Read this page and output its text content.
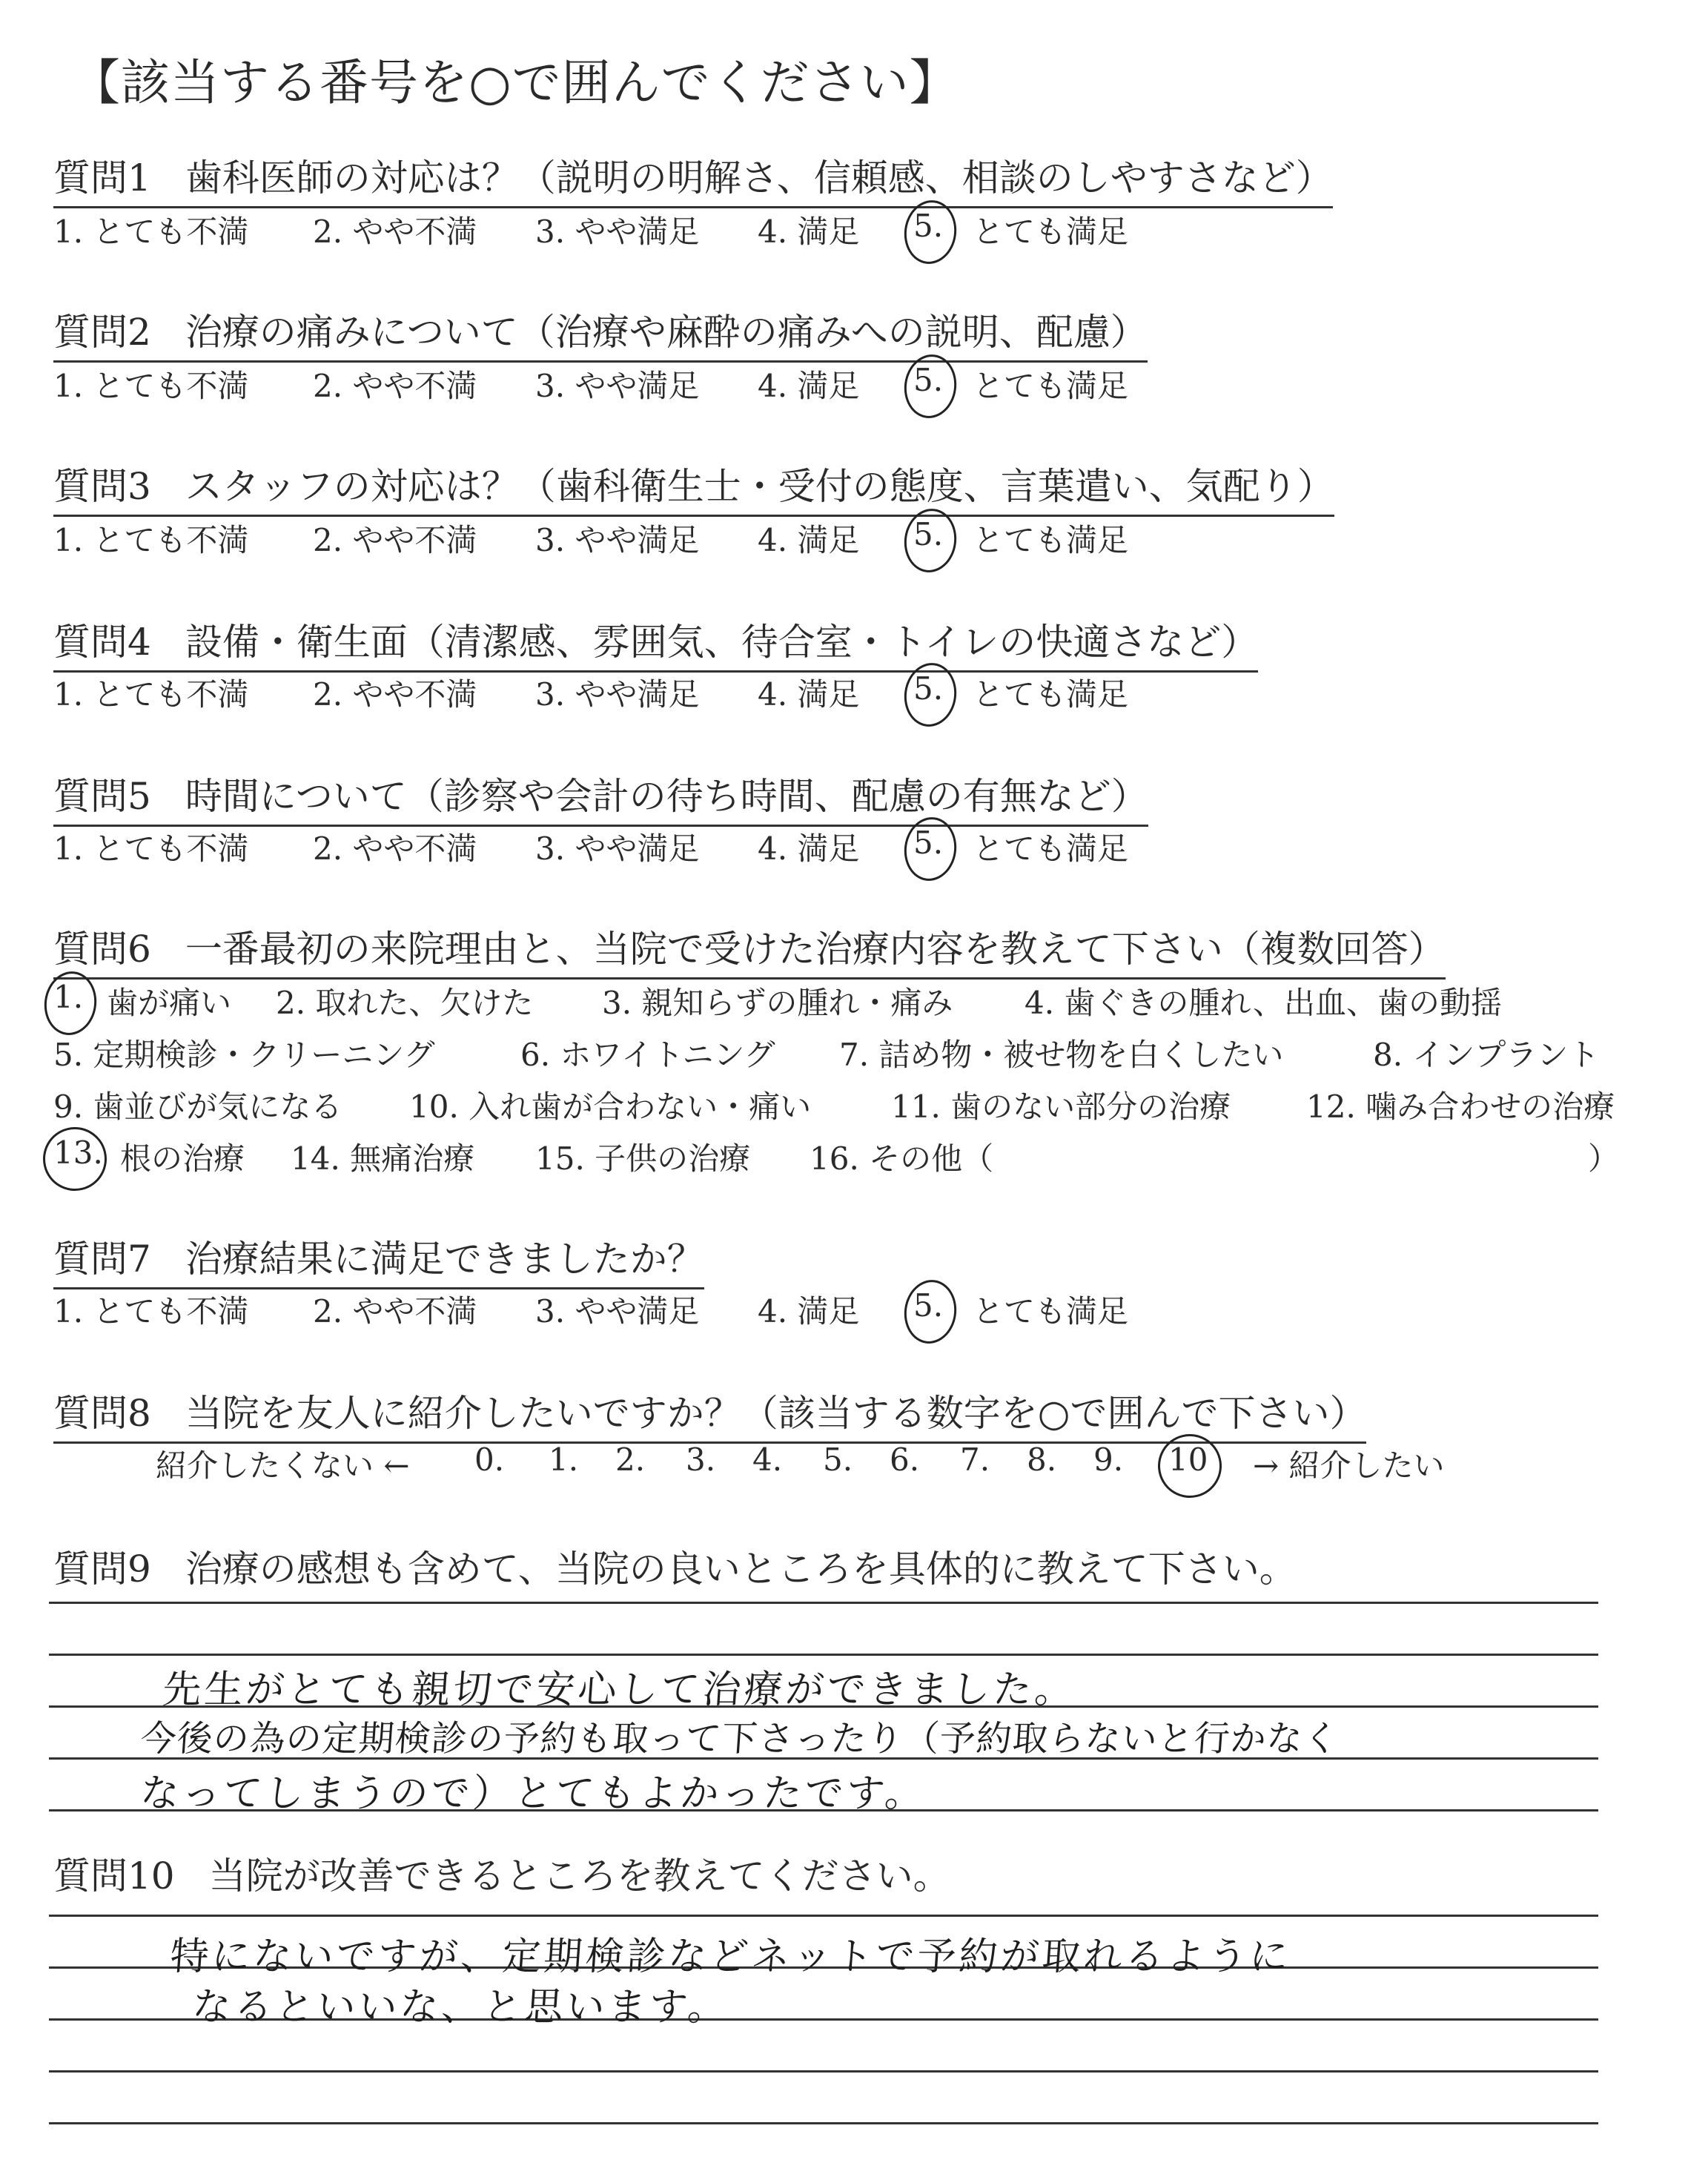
【該当する番号を○で囲んでください】
質問1 歯科医師の対応は？（説明の明解さ、信頼感、相談のしやすさなど）
1. とても不満 2. やや不満 3. やや満足 4. 満足 5. とても満足
質問2 治療の痛みについて（治療や麻酔の痛みへの説明、配慮）
1. とても不満 2. やや不満 3. やや満足 4. 満足 5. とても満足
質問3 スタッフの対応は？（歯科衛生士・受付の態度、言葉遣い、気配り）
1. とても不満 2. やや不満 3. やや満足 4. 満足 5. とても満足
質問4 設備・衛生面（清潔感、雰囲気、待合室・トイレの快適さなど）
1. とても不満 2. やや不満 3. やや満足 4. 満足 5. とても満足
質問5 時間について（診察や会計の待ち時間、配慮の有無など）
1. とても不満 2. やや不満 3. やや満足 4. 満足 5. とても満足
質問6 一番最初の来院理由と、当院で受けた治療内容を教えて下さい（複数回答）
1. 歯が痛い 2. 取れた、欠けた 3. 親知らずの腫れ・痛み 4. 歯ぐきの腫れ、出血、歯の動揺
5. 定期検診・クリーニング	6. ホワイトニング 7. 詰め物・被せ物を白くしたい	8. インプラント
9. 歯並びが気になる 10. 入れ歯が合わない・痛い	11. 歯のない部分の治療 12. 噛み合わせの治療
13. 根の治療 14. 無痛治療 15. 子供の治療 16. その他（	）
質問7 治療結果に満足できましたか？
1. とても不満 2. やや不満 3. やや満足 4. 満足 5. とても満足
質問8 当院を友人に紹介したいですか？（該当する数字を○で囲んで下さい）
紹介したくない ← 0. 1. 2. 3. 4. 5. 6. 7. 8. 9. 10 → 紹介したい
質問9 治療の感想も含めて、当院の良いところを具体的に教えて下さい。
先生がとても親切で安心して治療ができました。
今後の為の定期検診の予約も取って下さったり（予約取らないと行かなく
なってしまうので）とてもよかったです。
質問10 当院が改善できるところを教えてください。
特にないですが、定期検診などネットで予約が取れるように
なるといいな、と思います。
